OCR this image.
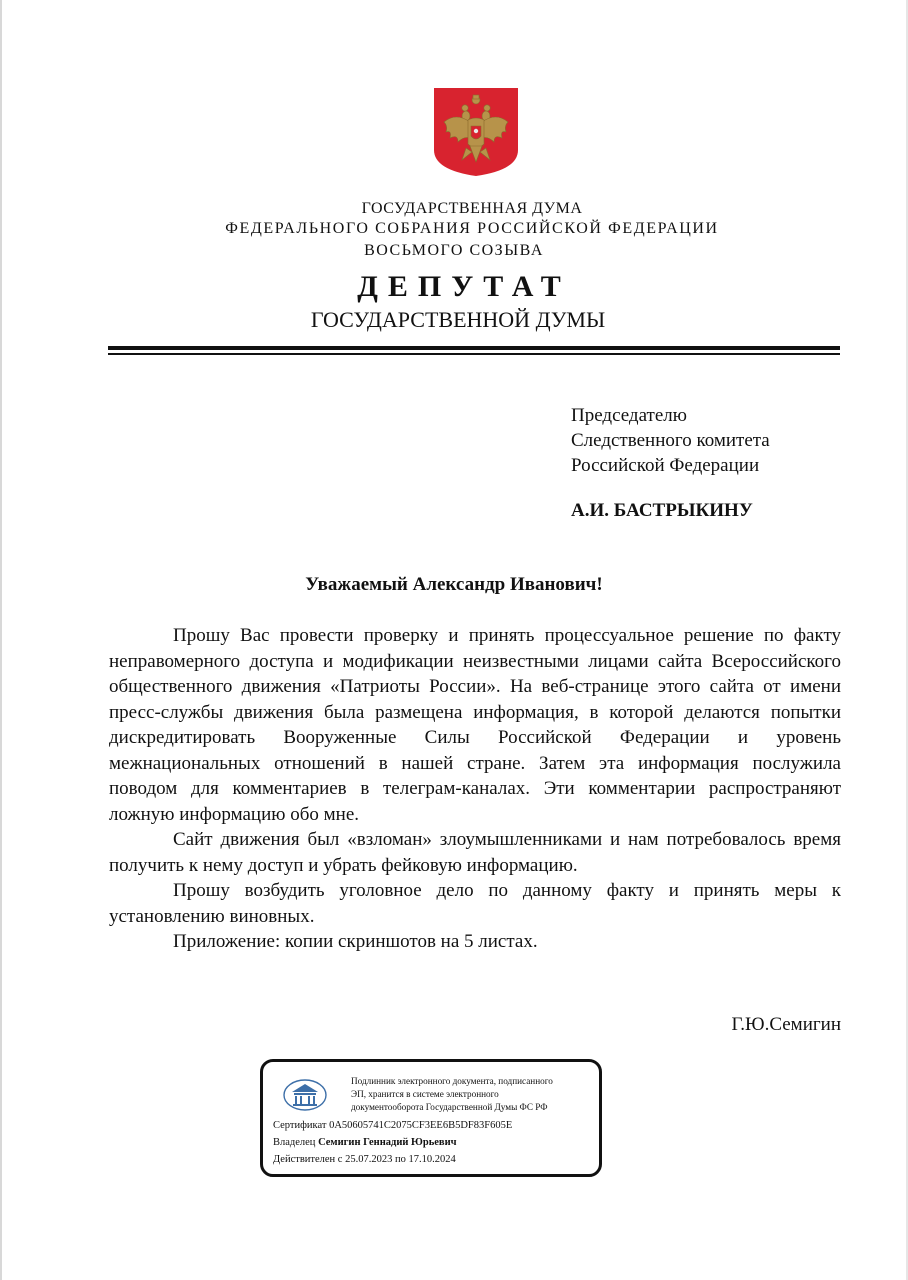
ГОСУДАРСТВЕННАЯ ДУМА
ФЕДЕРАЛЬНОГО СОБРАНИЯ РОССИЙСКОЙ ФЕДЕРАЦИИ
ВОСЬМОГО СОЗЫВА
ДЕПУТАТ
ГОСУДАРСТВЕННОЙ ДУМЫ
Председателю
Следственного комитета
Российской Федерации
А.И. БАСТРЫКИНУ
Уважаемый Александр Иванович!

Прошу Вас провести проверку и принять процессуальное решение по факту неправомерного доступа и модификации неизвестными лицами сайта Всероссийского общественного движения «Патриоты России». На веб-странице этого сайта от имени пресс-службы движения была размещена информация, в которой делаются попытки дискредитировать Вооруженные Силы Российской Федерации и уровень межнациональных отношений в нашей стране. Затем эта информация послужила поводом для комментариев в телеграм-каналах. Эти комментарии распространяют ложную информацию обо мне.

Сайт движения был «взломан» злоумышленниками и нам потребовалось время получить к нему доступ и убрать фейковую информацию.

Прошу возбудить уголовное дело по данному факту и принять меры к установлению виновных.

Приложение: копии скриншотов на 5 листах.

Г.Ю.Семигин
Подлинник электронного документа, подписанного
ЭП, хранится в системе электронного
документооборота Государственной Думы ФС РФ
Сертификат 0A50605741C2075CF3EE6B5DF83F605E
Владелец Семигин Геннадий Юрьевич
Действителен с 25.07.2023 по 17.10.2024
